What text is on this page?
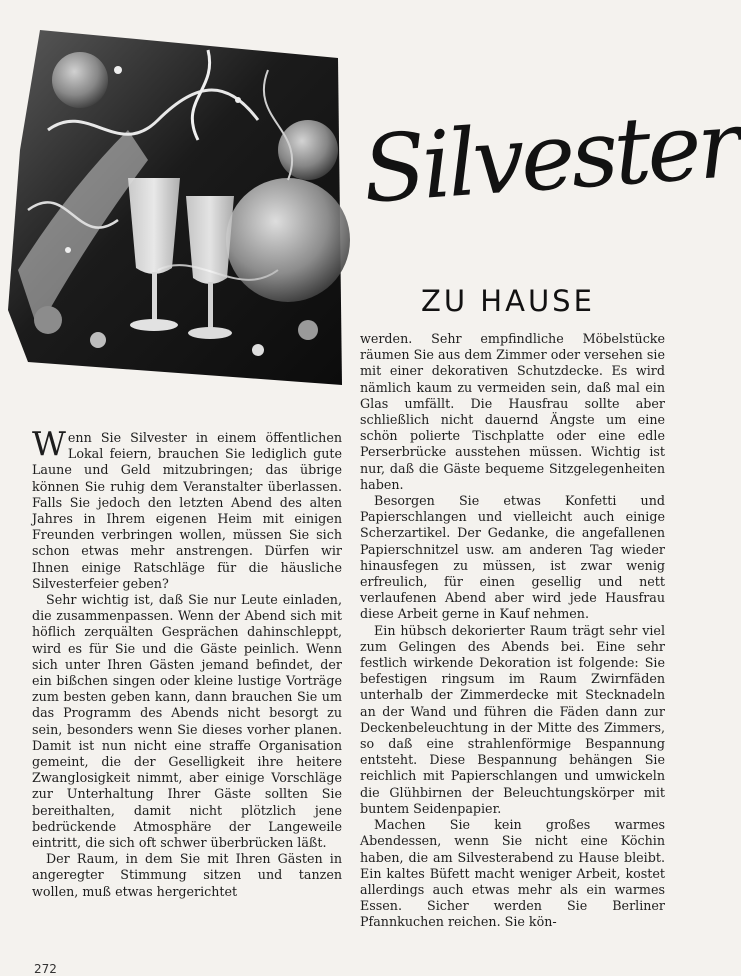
Silvester
ZU HAUSE

Wenn Sie Silvester in einem öffentlichen Lokal feiern, brauchen Sie lediglich gute Laune und Geld mitzubringen; das übrige können Sie ruhig dem Veranstalter überlassen. Falls Sie jedoch den letzten Abend des alten Jahres in Ihrem eigenen Heim mit einigen Freunden verbringen wollen, müssen Sie sich schon etwas mehr anstrengen. Dürfen wir Ihnen einige Ratschläge für die häusliche Silvesterfeier geben?

Sehr wichtig ist, daß Sie nur Leute einladen, die zusammenpassen. Wenn der Abend sich mit höflich zerquälten Gesprächen dahinschleppt, wird es für Sie und die Gäste peinlich. Wenn sich unter Ihren Gästen jemand befindet, der ein bißchen singen oder kleine lustige Vorträge zum besten geben kann, dann brauchen Sie um das Programm des Abends nicht besorgt zu sein, besonders wenn Sie dieses vorher planen. Damit ist nun nicht eine straffe Organisation gemeint, die der Geselligkeit ihre heitere Zwanglosigkeit nimmt, aber einige Vorschläge zur Unterhaltung Ihrer Gäste sollten Sie bereithalten, damit nicht plötzlich jene bedrückende Atmosphäre der Langeweile eintritt, die sich oft schwer überbrücken läßt.

Der Raum, in dem Sie mit Ihren Gästen in angeregter Stimmung sitzen und tanzen wollen, muß etwas hergerichtet

werden. Sehr empfindliche Möbelstücke räumen Sie aus dem Zimmer oder versehen sie mit einer dekorativen Schutzdecke. Es wird nämlich kaum zu vermeiden sein, daß mal ein Glas umfällt. Die Hausfrau sollte aber schließlich nicht dauernd Ängste um eine schön polierte Tischplatte oder eine edle Perserbrücke ausstehen müssen. Wichtig ist nur, daß die Gäste bequeme Sitzgelegenheiten haben.

Besorgen Sie etwas Konfetti und Papierschlangen und vielleicht auch einige Scherzartikel. Der Gedanke, die angefallenen Papierschnitzel usw. am anderen Tag wieder hinausfegen zu müssen, ist zwar wenig erfreulich, für einen gesellig und nett verlaufenen Abend aber wird jede Hausfrau diese Arbeit gerne in Kauf nehmen.

Ein hübsch dekorierter Raum trägt sehr viel zum Gelingen des Abends bei. Eine sehr festlich wirkende Dekoration ist folgende: Sie befestigen ringsum im Raum Zwirnfäden unterhalb der Zimmerdecke mit Stecknadeln an der Wand und führen die Fäden dann zur Deckenbeleuchtung in der Mitte des Zimmers, so daß eine strahlenförmige Bespannung entsteht. Diese Bespannung behängen Sie reichlich mit Papierschlangen und umwickeln die Glühbirnen der Beleuchtungskörper mit buntem Seidenpapier.

Machen Sie kein großes warmes Abendessen, wenn Sie nicht eine Köchin haben, die am Silvesterabend zu Hause bleibt. Ein kaltes Büfett macht weniger Arbeit, kostet allerdings auch etwas mehr als ein warmes Essen. Sicher werden Sie Berliner Pfannkuchen reichen. Sie kön-

272
